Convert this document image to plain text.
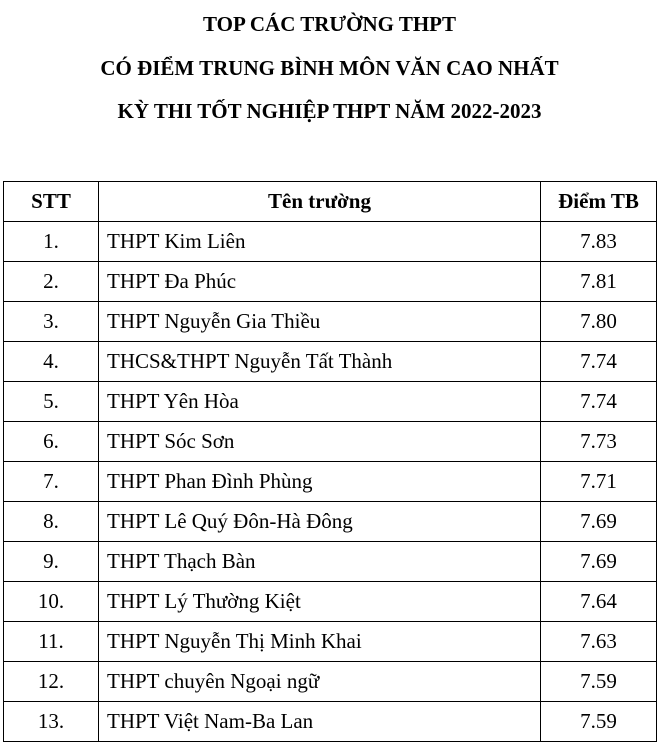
TOP CÁC TRƯỜNG THPT
CÓ ĐIỂM TRUNG BÌNH MÔN VĂN CAO NHẤT
KỲ THI TỐT NGHIỆP THPT NĂM 2022-2023
STT	Tên trường	Điểm TB
1.	THPT Kim Liên	7.83
2.	THPT Đa Phúc	7.81
3.	THPT Nguyễn Gia Thiều	7.80
4.	THCS&THPT Nguyễn Tất Thành	7.74
5.	THPT Yên Hòa	7.74
6.	THPT Sóc Sơn	7.73
7.	THPT Phan Đình Phùng	7.71
8.	THPT Lê Quý Đôn-Hà Đông	7.69
9.	THPT Thạch Bàn	7.69
10.	THPT Lý Thường Kiệt	7.64
11.	THPT Nguyễn Thị Minh Khai	7.63
12.	THPT chuyên Ngoại ngữ	7.59
13.	THPT Việt Nam-Ba Lan	7.59
